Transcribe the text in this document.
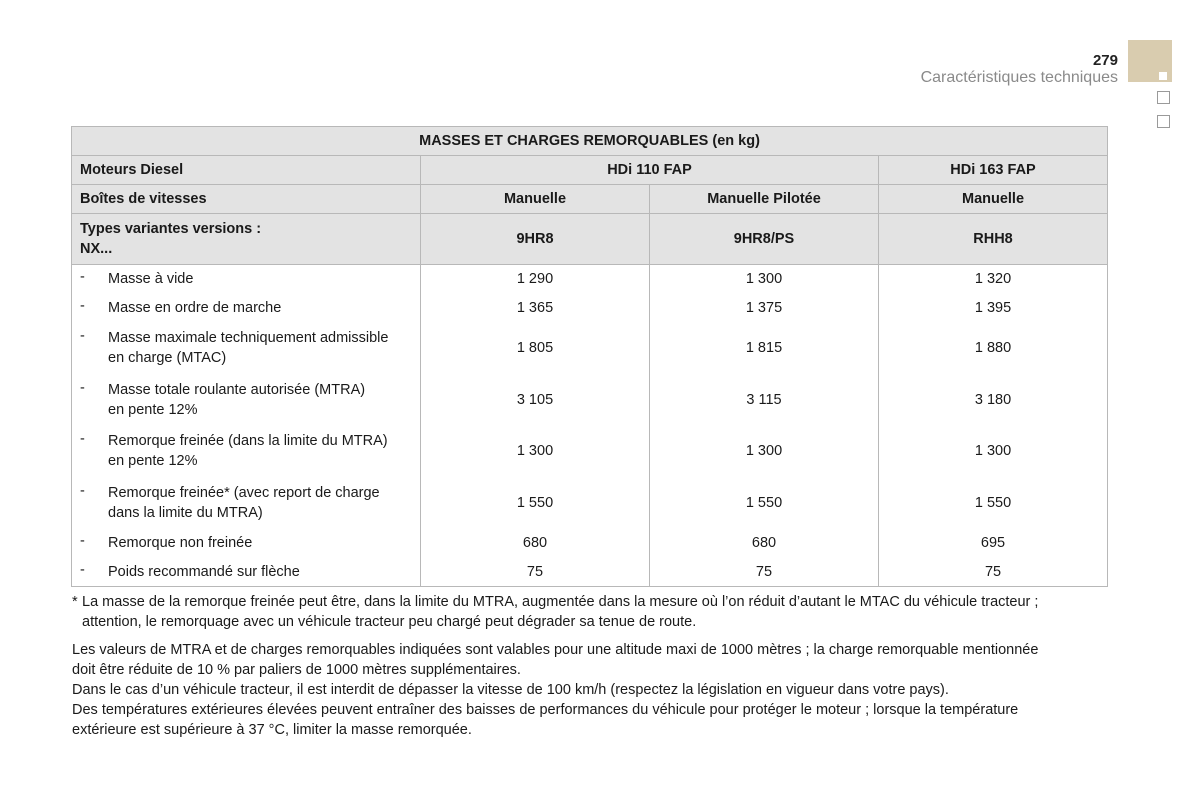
279
Caractéristiques techniques
MASSES ET CHARGES REMORQUABLES (en kg)			
Moteurs Diesel	HDi 110 FAP		HDi 163 FAP
Boîtes de vitesses	Manuelle	Manuelle Pilotée	Manuelle

Types variantes versions :
NX...	9HR8	9HR8/PS	RHH8

- Masse à vide	1 290	1 300	1 320

- Masse en ordre de marche	1 365	1 375	1 395

- Masse maximale techniquement admissible
en charge (MTAC)	1 805	1 815	1 880

- Masse totale roulante autorisée (MTRA)
en pente 12%	3 105	3 115	3 180

- Remorque freinée (dans la limite du MTRA)
en pente 12%	1 300	1 300	1 300

- Remorque freinée* (avec report de charge
dans la limite du MTRA)	1 550	1 550	1 550

- Remorque non freinée	680	680	695

- Poids recommandé sur flèche	75	75	75
* La masse de la remorque freinée peut être, dans la limite du MTRA, augmentée dans la mesure où l’on réduit d’autant le MTAC du véhicule tracteur ;

attention, le remorquage avec un véhicule tracteur peu chargé peut dégrader sa tenue de route.

Les valeurs de MTRA et de charges remorquables indiquées sont valables pour une altitude maxi de 1000 mètres ; la charge remorquable mentionnée

doit être réduite de 10 % par paliers de 1000 mètres supplémentaires.

Dans le cas d’un véhicule tracteur, il est interdit de dépasser la vitesse de 100 km/h (respectez la législation en vigueur dans votre pays).

Des températures extérieures élevées peuvent entraîner des baisses de performances du véhicule pour protéger le moteur ; lorsque la température

extérieure est supérieure à 37 °C, limiter la masse remorquée.
